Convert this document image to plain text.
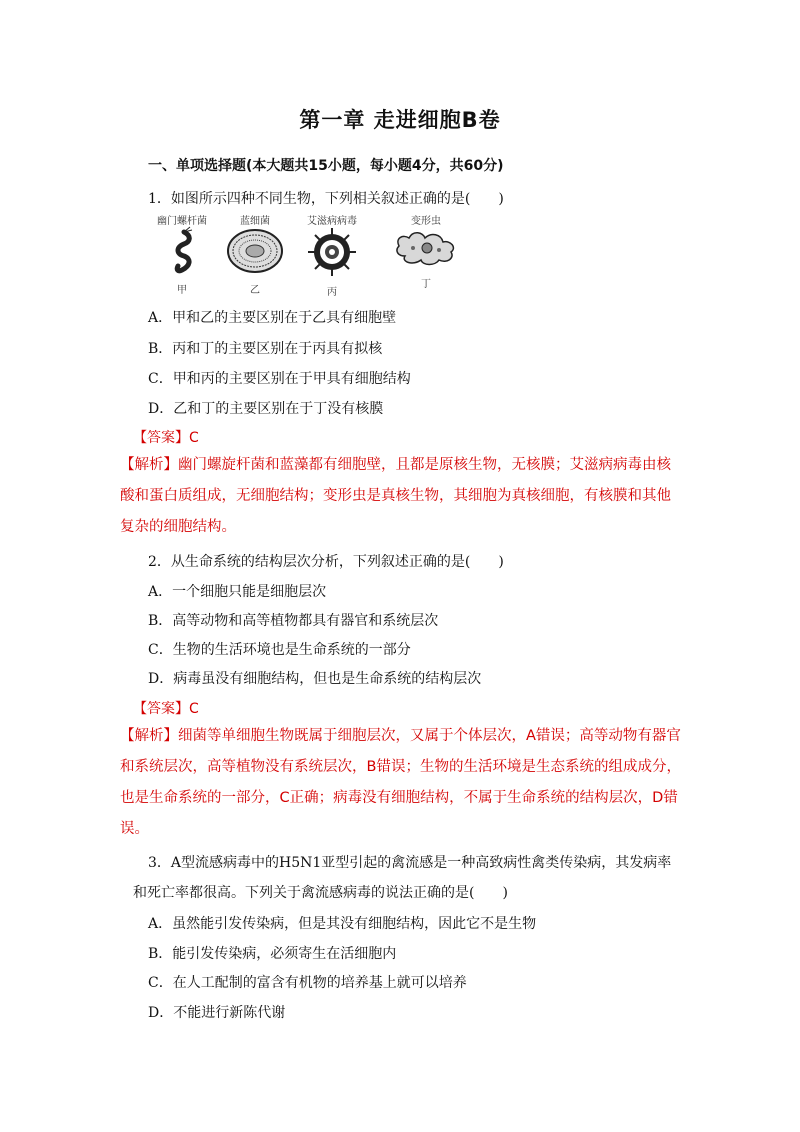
第一章 走进细胞B卷
一、单项选择题(本大题共15小题，每小题4分，共60分)
1．如图所示四种不同生物，下列相关叙述正确的是(　　)
幽门螺杆菌
甲
蓝细菌
乙
艾滋病病毒
丙
变形虫
丁
A．甲和乙的主要区别在于乙具有细胞壁
B．丙和丁的主要区别在于丙具有拟核
C．甲和丙的主要区别在于甲具有细胞结构
D．乙和丁的主要区别在于丁没有核膜
【答案】C
【解析】幽门螺旋杆菌和蓝藻都有细胞壁，且都是原核生物，无核膜；艾滋病病毒由核酸和蛋白质组成，无细胞结构；变形虫是真核生物，其细胞为真核细胞，有核膜和其他复杂的细胞结构。
2．从生命系统的结构层次分析，下列叙述正确的是(　　)
A．一个细胞只能是细胞层次
B．高等动物和高等植物都具有器官和系统层次
C．生物的生活环境也是生命系统的一部分
D．病毒虽没有细胞结构，但也是生命系统的结构层次
【答案】C
【解析】细菌等单细胞生物既属于细胞层次，又属于个体层次，A错误；高等动物有器官和系统层次，高等植物没有系统层次，B错误；生物的生活环境是生态系统的组成成分，也是生命系统的一部分，C正确；病毒没有细胞结构，不属于生命系统的结构层次，D错误。
3．A型流感病毒中的H5N1亚型引起的禽流感是一种高致病性禽类传染病，其发病率和死亡率都很高。下列关于禽流感病毒的说法正确的是(　　)
A．虽然能引发传染病，但是其没有细胞结构，因此它不是生物
B．能引发传染病，必须寄生在活细胞内
C．在人工配制的富含有机物的培养基上就可以培养
D．不能进行新陈代谢
